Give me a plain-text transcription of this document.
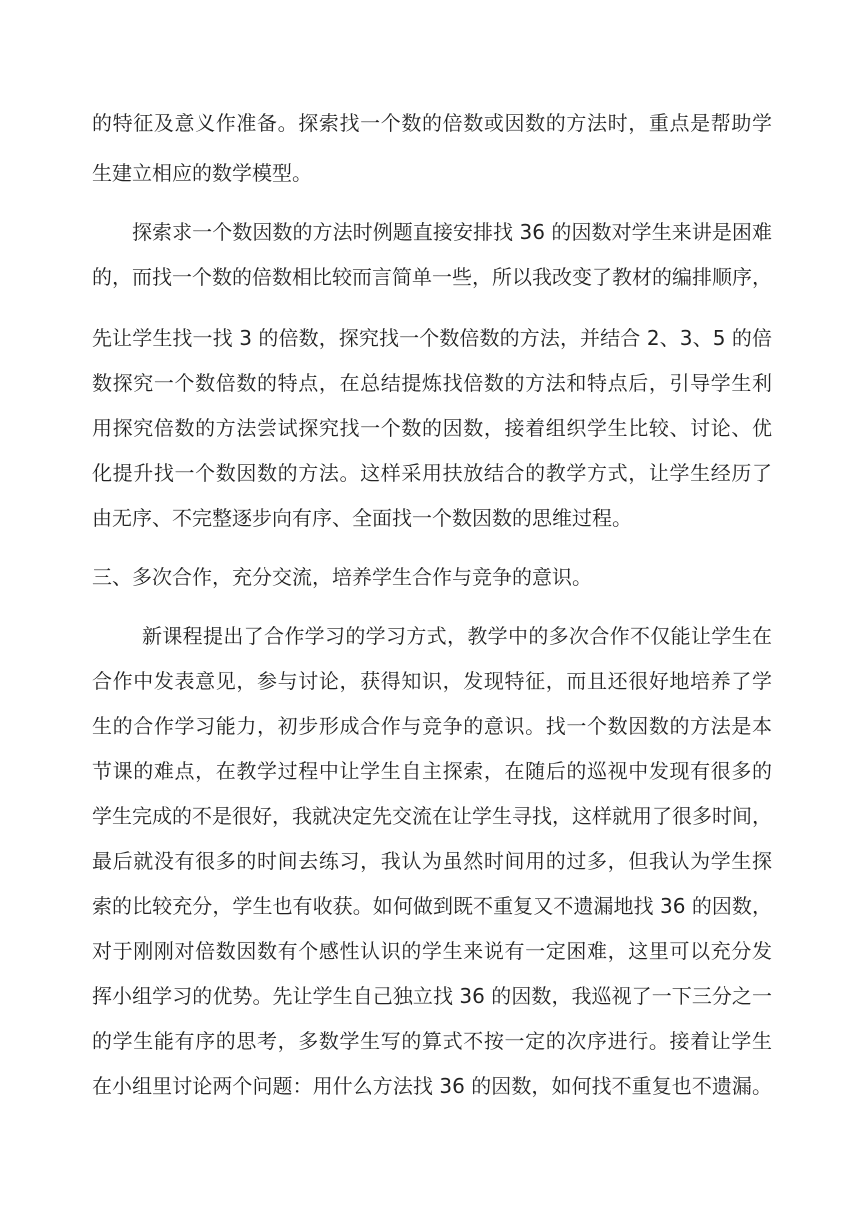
的特征及意义作准备。探索找一个数的倍数或因数的方法时，重点是帮助学
生建立相应的数学模型。
探索求一个数因数的方法时例题直接安排找 36 的因数对学生来讲是困难
的，而找一个数的倍数相比较而言简单一些，所以我改变了教材的编排顺序，
先让学生找一找 3 的倍数，探究找一个数倍数的方法，并结合 2、3、5 的倍
数探究一个数倍数的特点，在总结提炼找倍数的方法和特点后，引导学生利
用探究倍数的方法尝试探究找一个数的因数，接着组织学生比较、讨论、优
化提升找一个数因数的方法。这样采用扶放结合的教学方式，让学生经历了
由无序、不完整逐步向有序、全面找一个数因数的思维过程。
三、多次合作，充分交流，培养学生合作与竞争的意识。
新课程提出了合作学习的学习方式，教学中的多次合作不仅能让学生在
合作中发表意见，参与讨论，获得知识，发现特征，而且还很好地培养了学
生的合作学习能力，初步形成合作与竞争的意识。找一个数因数的方法是本
节课的难点，在教学过程中让学生自主探索，在随后的巡视中发现有很多的
学生完成的不是很好，我就决定先交流在让学生寻找，这样就用了很多时间，
最后就没有很多的时间去练习，我认为虽然时间用的过多，但我认为学生探
索的比较充分，学生也有收获。如何做到既不重复又不遗漏地找 36 的因数，
对于刚刚对倍数因数有个感性认识的学生来说有一定困难，这里可以充分发
挥小组学习的优势。先让学生自己独立找 36 的因数，我巡视了一下三分之一
的学生能有序的思考，多数学生写的算式不按一定的次序进行。接着让学生
在小组里讨论两个问题：用什么方法找 36 的因数，如何找不重复也不遗漏。
